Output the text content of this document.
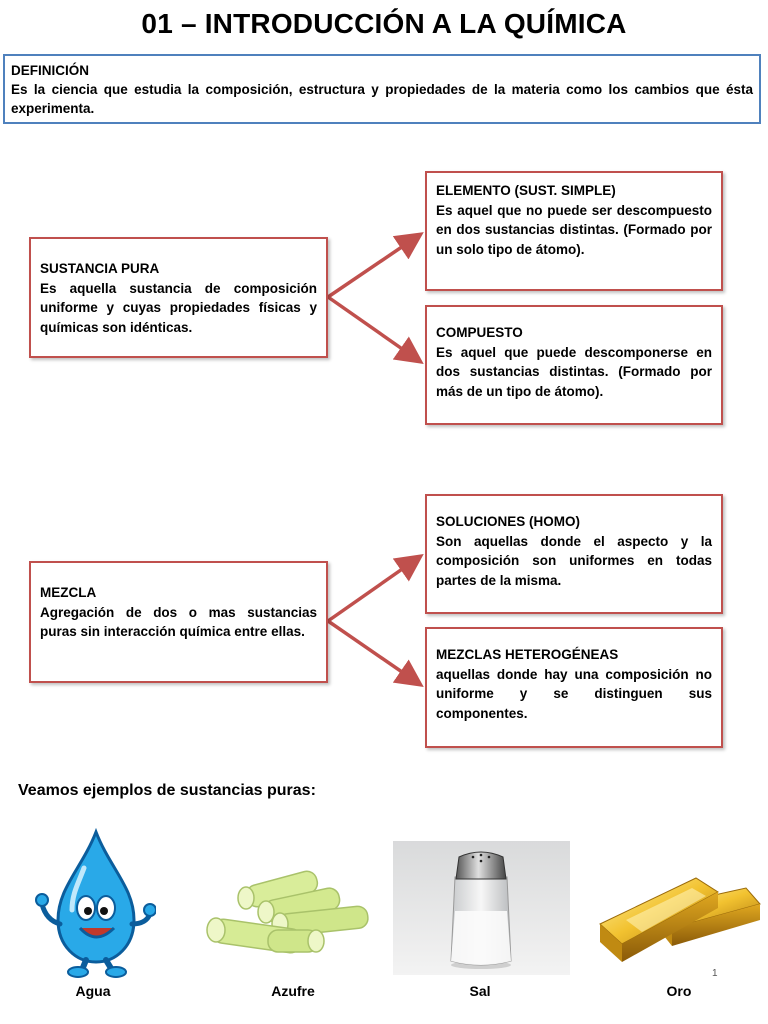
01 – INTRODUCCIÓN A LA QUÍMICA
DEFINICIÓN
Es la ciencia que estudia la composición, estructura y propiedades de la materia como los cambios que ésta experimenta.
SUSTANCIA PURA
Es aquella sustancia de composición uniforme y cuyas propiedades físicas y químicas son idénticas.
ELEMENTO (SUST. SIMPLE)
Es aquel que no puede ser descompuesto en dos sustancias distintas. (Formado por un solo tipo de átomo).
COMPUESTO
Es aquel que puede descomponerse en dos sustancias distintas. (Formado por más de un tipo de átomo).
MEZCLA
Agregación de dos o mas sustancias puras sin interacción química entre ellas.
SOLUCIONES (HOMO)
Son aquellas donde el aspecto y la composición son uniformes en todas partes de la misma.
MEZCLAS HETEROGÉNEAS
aquellas donde hay una composición no uniforme y se distinguen sus componentes.
Veamos ejemplos de sustancias puras:
Agua	Azufre	Sal	Oro
1
